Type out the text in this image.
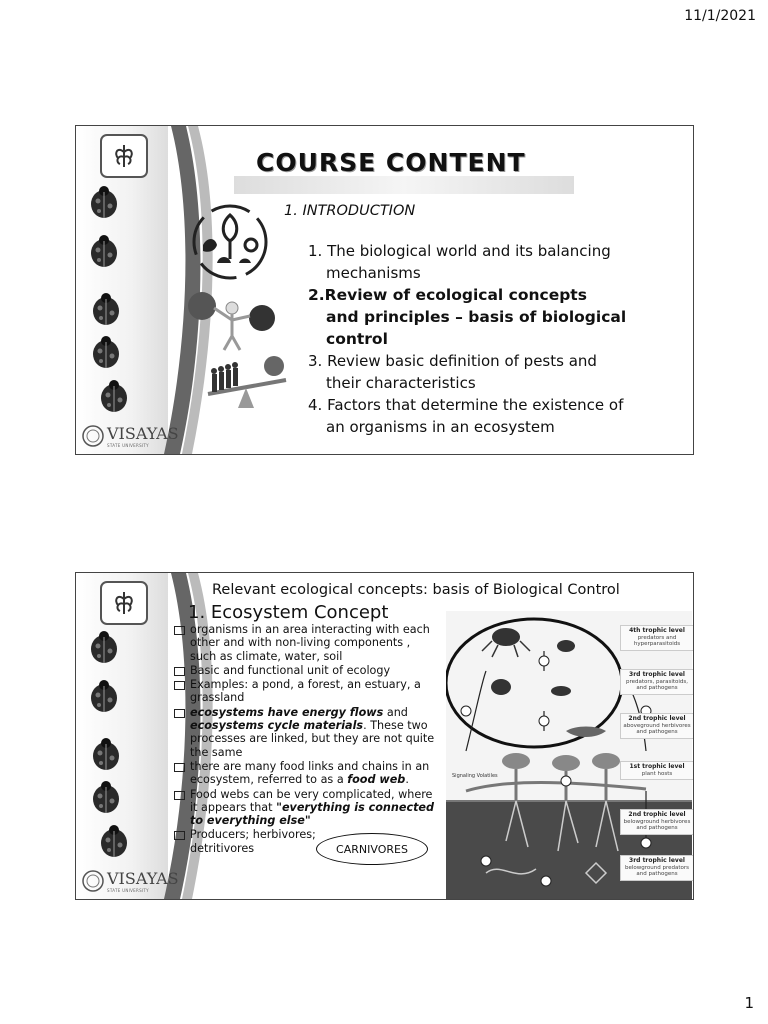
11/1/2021
VISAYAS
STATE UNIVERSITY
COURSE CONTENT
1. INTRODUCTION
1. The biological world and its balancing
mechanisms
2.Review of ecological concepts
and principles – basis of biological
control
3. Review basic definition of pests and
their characteristics
4. Factors that determine the existence of
an organisms in an ecosystem
VISAYAS
STATE UNIVERSITY
Relevant ecological concepts: basis of Biological Control
1. Ecosystem Concept
organisms in an area interacting with each other and with non-living components , such as climate, water, soil
Basic and functional unit of ecology
Examples: a pond, a forest, an estuary, a grassland
ecosystems have energy flows and ecosystems cycle materials. These two processes are linked, but they are not quite the same
there are many food links and chains in an ecosystem, referred to as a food web.
Food webs can be very complicated, where it appears that "everything is connected to everything else"
Producers; herbivores;
detritivores	CARNIVORES
Signaling Volatiles
4th trophic level
predators and hyperparasitoids
3rd trophic level
predators, parasitoids, and pathogens
2nd trophic level
aboveground herbivores and pathogens
1st trophic level
plant hosts
2nd trophic level
belowground herbivores and pathogens
3rd trophic level
belowground predators and pathogens
1
